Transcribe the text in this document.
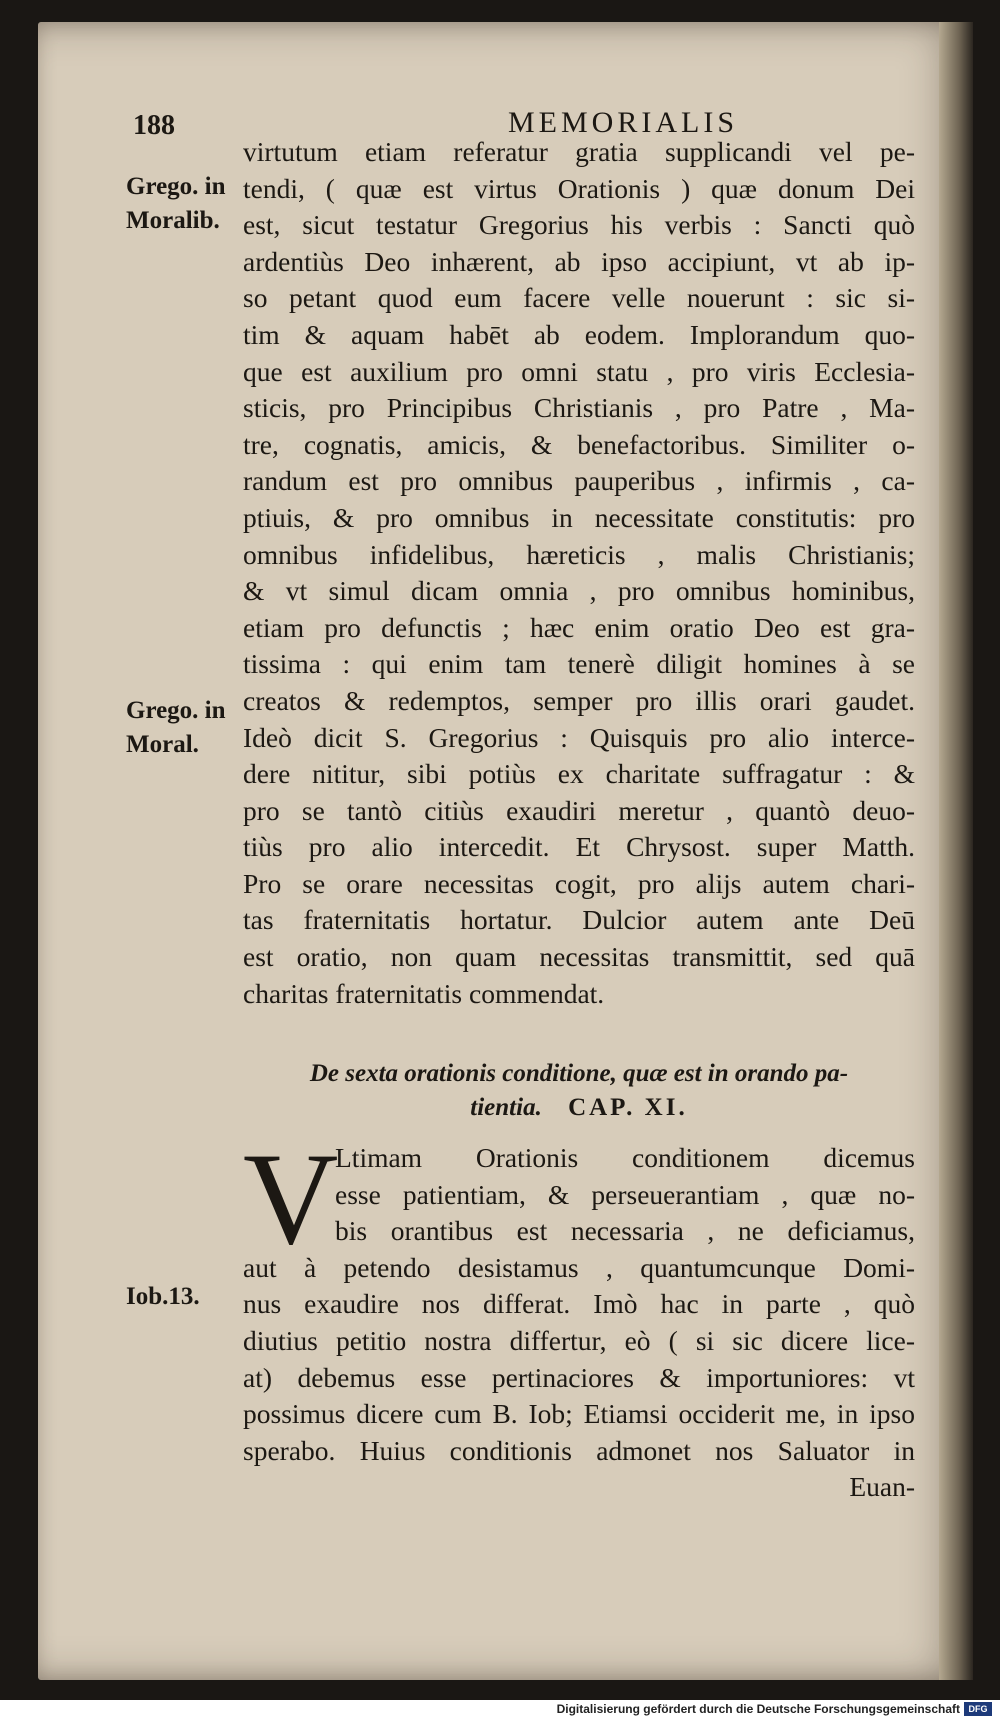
188	MEMORIALIS
Grego. in
Moralib.
Grego. in
Moral.
Iob.13.
virtutum etiam referatur gratia supplicandi vel pe-
tendi, ( quæ est virtus Orationis ) quæ donum Dei
est, sicut testatur Gregorius his verbis : Sancti quò
ardentiùs Deo inhærent, ab ipso accipiunt, vt ab ip-
so petant quod eum facere velle nouerunt : sic si-
tim & aquam habēt ab eodem. Implorandum quo-
que est auxilium pro omni statu , pro viris Ecclesia-
sticis, pro Principibus Christianis , pro Patre , Ma-
tre, cognatis, amicis, & benefactoribus. Similiter o-
randum est pro omnibus pauperibus , infirmis , ca-
ptiuis, & pro omnibus in necessitate constitutis: pro
omnibus infidelibus, hæreticis , malis Christianis;
& vt simul dicam omnia , pro omnibus hominibus,
etiam pro defunctis ; hæc enim oratio Deo est gra-
tissima : qui enim tam tenerè diligit homines à se
creatos & redemptos, semper pro illis orari gaudet.
Ideò dicit S. Gregorius : Quisquis pro alio interce-
dere nititur, sibi potiùs ex charitate suffragatur : &
pro se tantò citiùs exaudiri meretur , quantò deuo-
tiùs pro alio intercedit. Et Chrysost. super Matth.
Pro se orare necessitas cogit, pro alijs autem chari-
tas fraternitatis hortatur. Dulcior autem ante Deū
est oratio, non quam necessitas transmittit, sed quā
charitas fraternitatis commendat.
De sexta orationis conditione, quæ est in orando pa-
tientia. CAP. XI.
V
Ltimam Orationis conditionem dicemus
esse patientiam, & perseuerantiam , quæ no-
bis orantibus est necessaria , ne deficiamus,
aut à petendo desistamus , quantumcunque Domi-
nus exaudire nos differat. Imò hac in parte , quò
diutius petitio nostra differtur, eò ( si sic dicere lice-
at) debemus esse pertinaciores & importuniores: vt
possimus dicere cum B. Iob; Etiamsi occiderit me, in ipso
sperabo. Huius conditionis admonet nos Saluator in
Euan-
Digitalisierung gefördert durch die Deutsche Forschungsgemeinschaft DFG
